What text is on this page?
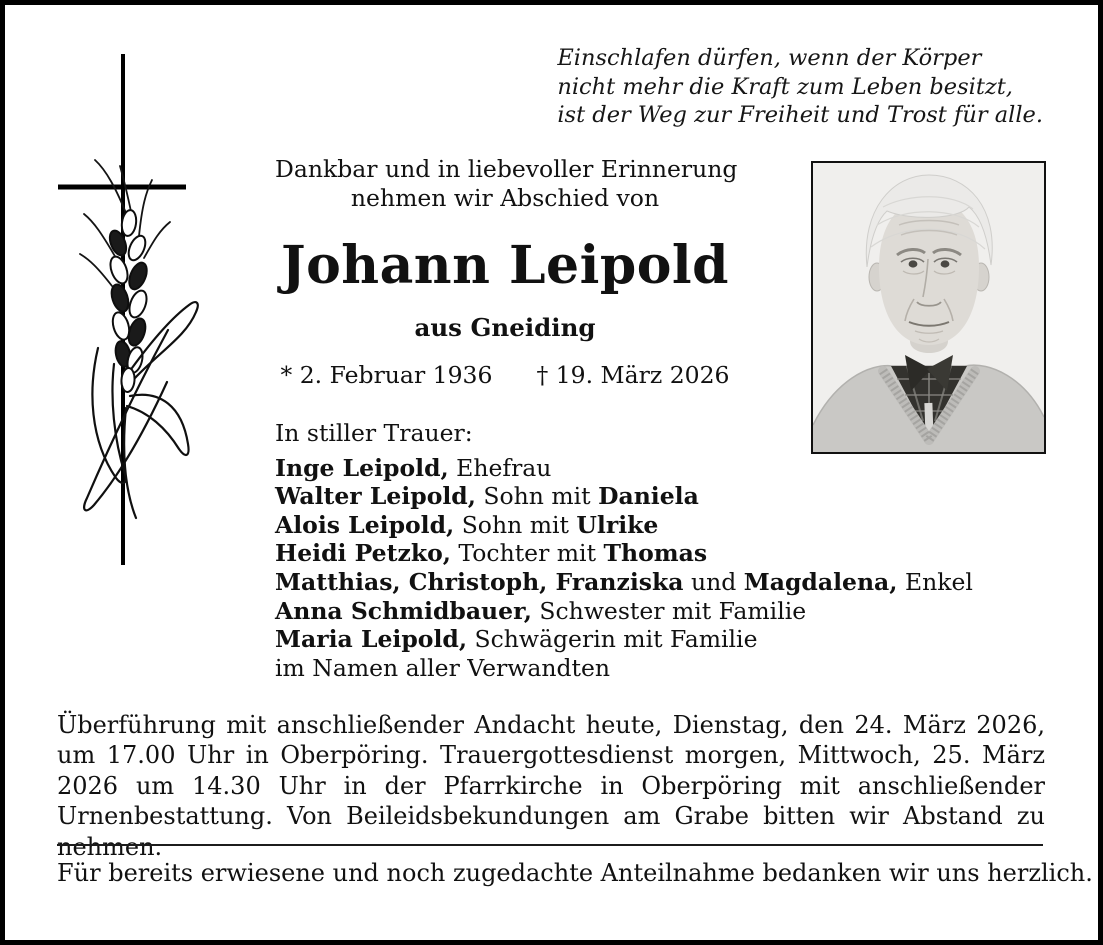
Einschlafen dürfen, wenn der Körper
nicht mehr die Kraft zum Leben besitzt,
ist der Weg zur Freiheit und Trost für alle.
Dankbar und in liebevoller Erinnerung
nehmen wir Abschied von
Johann Leipold
aus Gneiding
* 2. Februar 1936 † 19. März 2026
In stiller Trauer:
Inge Leipold, Ehefrau
Walter Leipold, Sohn mit Daniela
Alois Leipold, Sohn mit Ulrike
Heidi Petzko, Tochter mit Thomas
Matthias, Christoph, Franziska und Magdalena, Enkel
Anna Schmidbauer, Schwester mit Familie
Maria Leipold, Schwägerin mit Familie
im Namen aller Verwandten
Überführung mit anschließender Andacht heute, Dienstag, den 24. März 2026, um 17.00 Uhr in Oberpöring. Trauergottesdienst morgen, Mittwoch, 25. März 2026 um 14.30 Uhr in der Pfarrkirche in Oberpöring mit anschließender Urnenbestattung. Von Beileidsbekundungen am Grabe bitten wir Abstand zu nehmen.
Für bereits erwiesene und noch zugedachte Anteilnahme bedanken wir uns herzlich.
